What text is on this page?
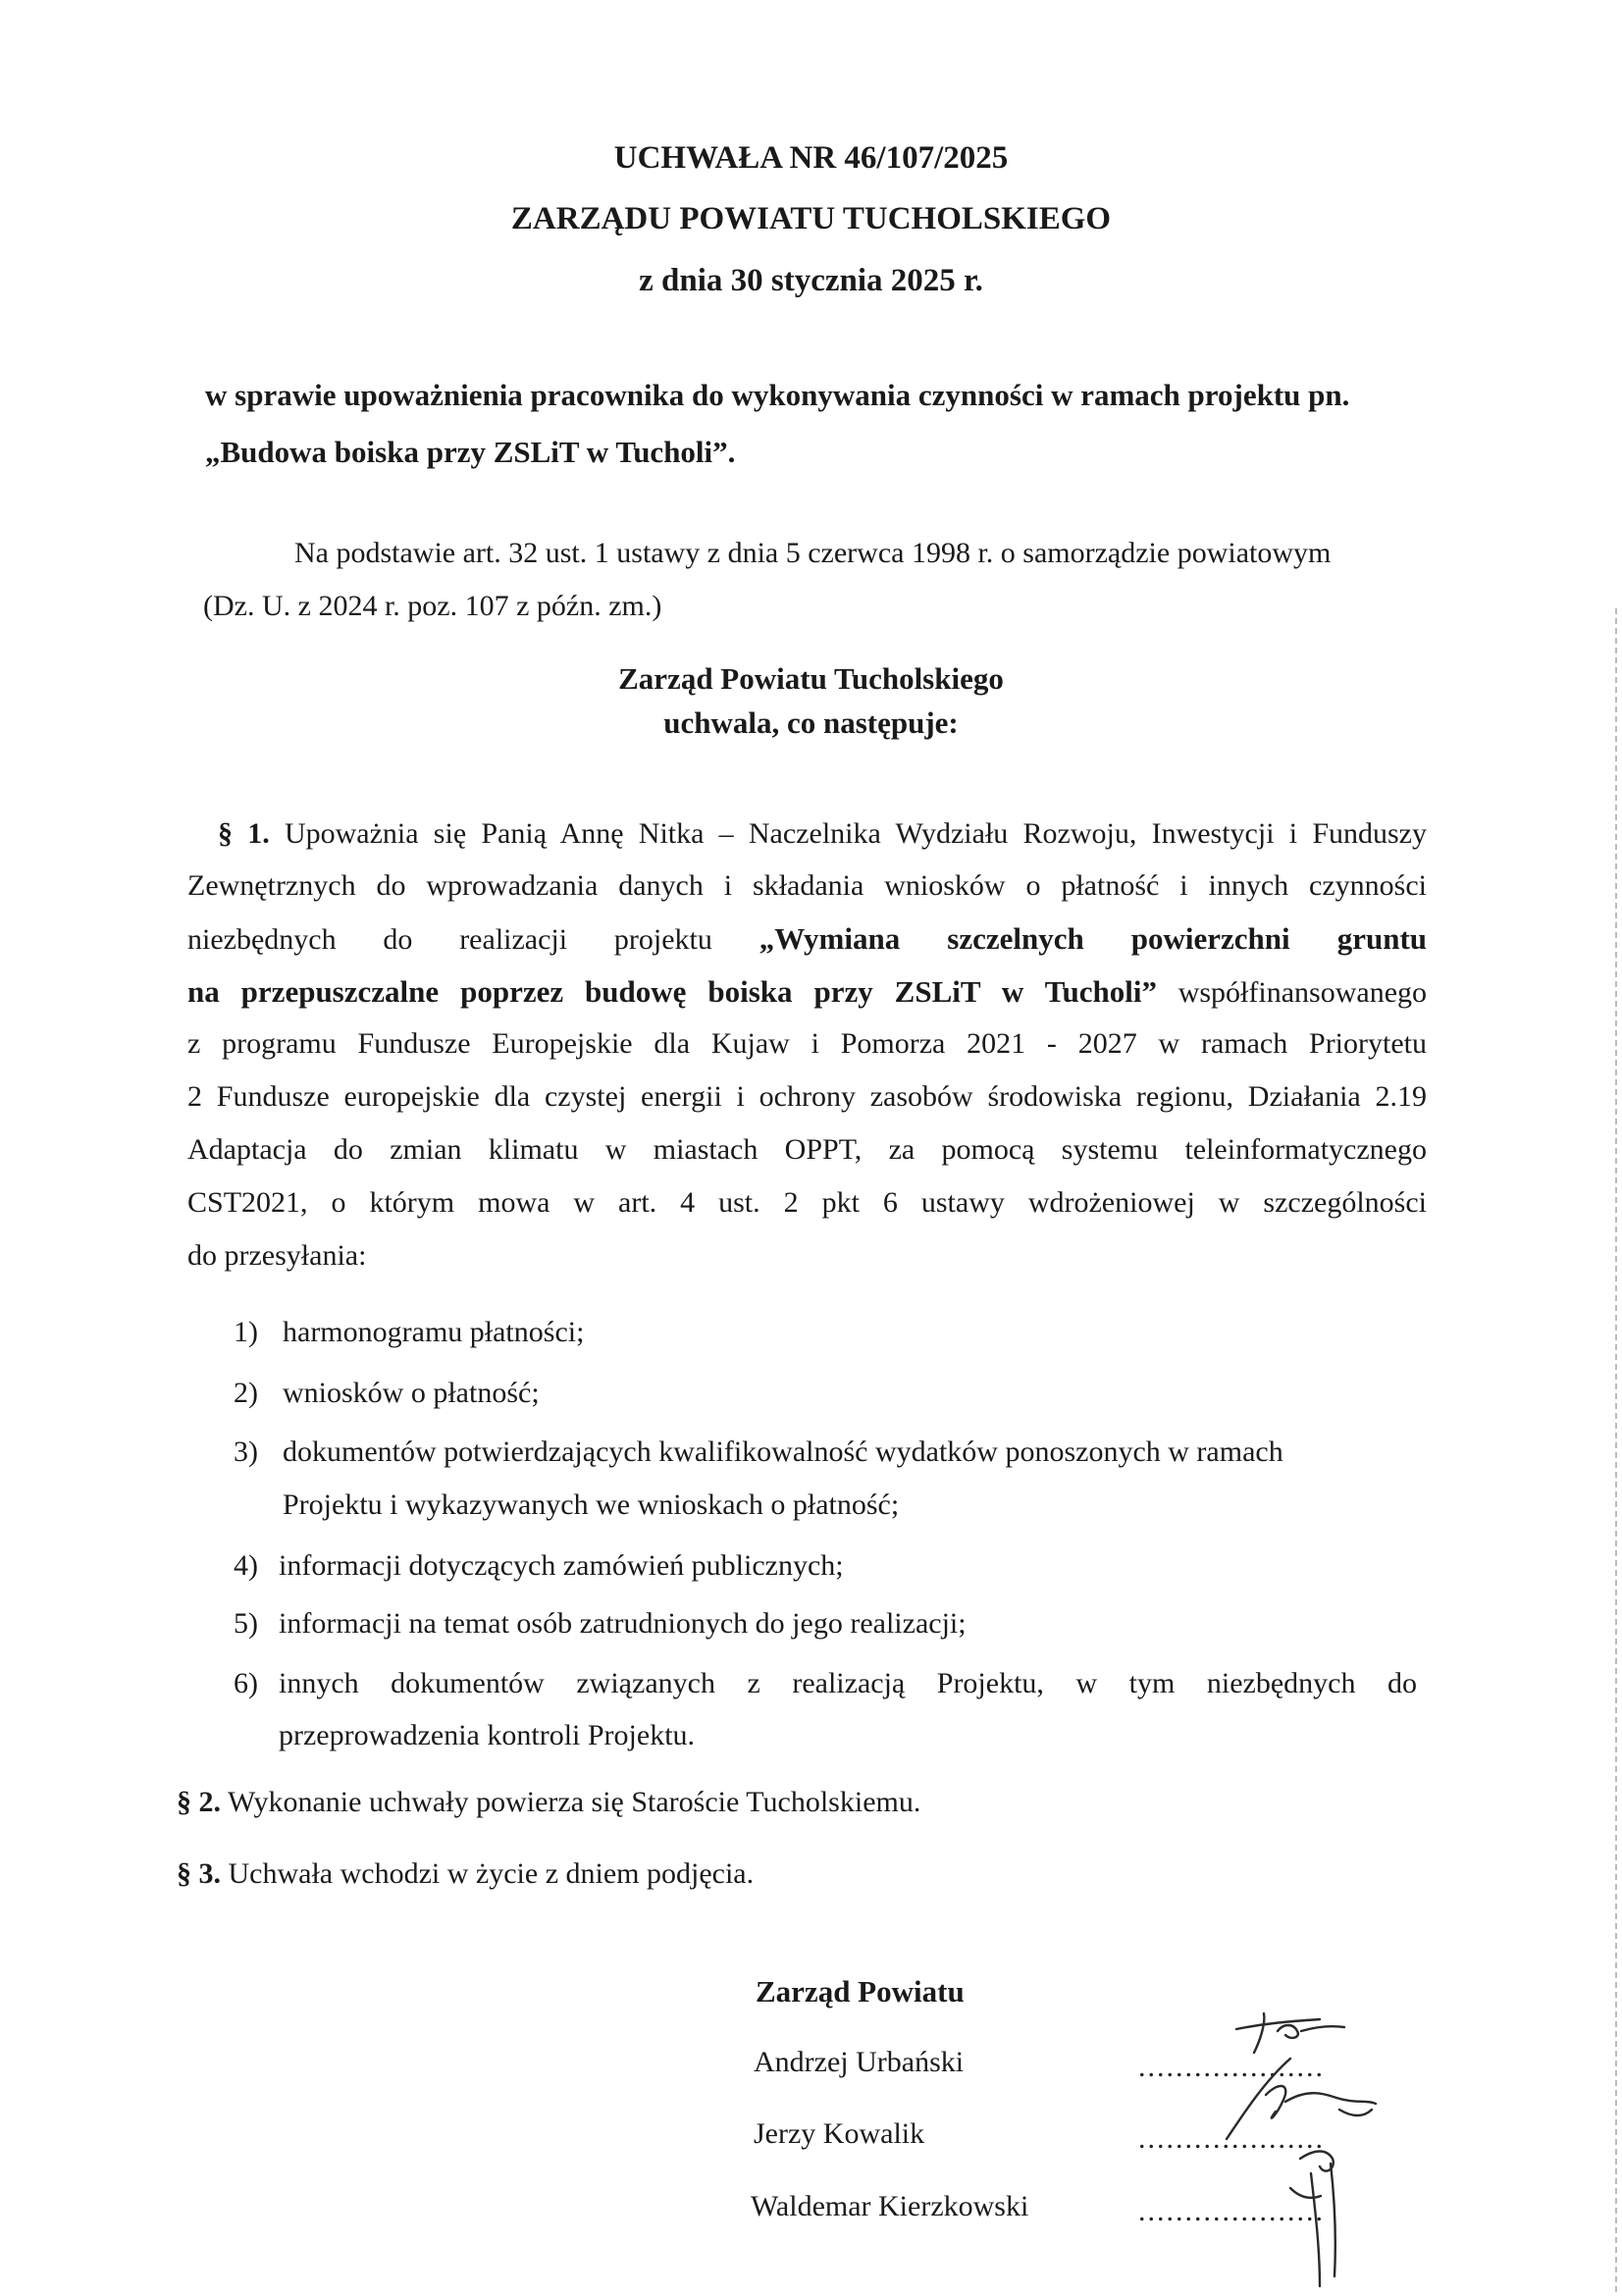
UCHWAŁA NR 46/107/2025
ZARZĄDU POWIATU TUCHOLSKIEGO
z dnia 30 stycznia 2025 r.
w sprawie upoważnienia pracownika do wykonywania czynności w ramach projektu pn.
„Budowa boiska przy ZSLiT w Tucholi”.
Na podstawie art. 32 ust. 1 ustawy z dnia 5 czerwca 1998 r. o samorządzie powiatowym
(Dz. U. z 2024 r. poz. 107 z późn. zm.)
Zarząd Powiatu Tucholskiego
uchwala, co następuje:
§ 1. Upoważnia się Panią Annę Nitka – Naczelnika Wydziału Rozwoju, Inwestycji i Funduszy
Zewnętrznych do wprowadzania danych i składania wniosków o płatność i innych czynności
niezbędnych do realizacji projektu „Wymiana szczelnych powierzchni gruntu
na przepuszczalne poprzez budowę boiska przy ZSLiT w Tucholi” współfinansowanego
z programu Fundusze Europejskie dla Kujaw i Pomorza 2021 - 2027 w ramach Priorytetu
2 Fundusze europejskie dla czystej energii i ochrony zasobów środowiska regionu, Działania 2.19
Adaptacja do zmian klimatu w miastach OPPT, za pomocą systemu teleinformatycznego
CST2021, o którym mowa w art. 4 ust. 2 pkt 6 ustawy wdrożeniowej w szczególności
do przesyłania:
1) harmonogramu płatności;
2) wniosków o płatność;
3) dokumentów potwierdzających kwalifikowalność wydatków ponoszonych w ramach
Projektu i wykazywanych we wnioskach o płatność;
4) informacji dotyczących zamówień publicznych;
5) informacji na temat osób zatrudnionych do jego realizacji;
6) innych dokumentów związanych z realizacją Projektu, w tym niezbędnych do
przeprowadzenia kontroli Projektu.
§ 2. Wykonanie uchwały powierza się Staroście Tucholskiemu.
§ 3. Uchwała wchodzi w życie z dniem podjęcia.
Zarząd Powiatu
Andrzej Urbański	....................
Jerzy Kowalik	....................
Waldemar Kierzkowski	....................
